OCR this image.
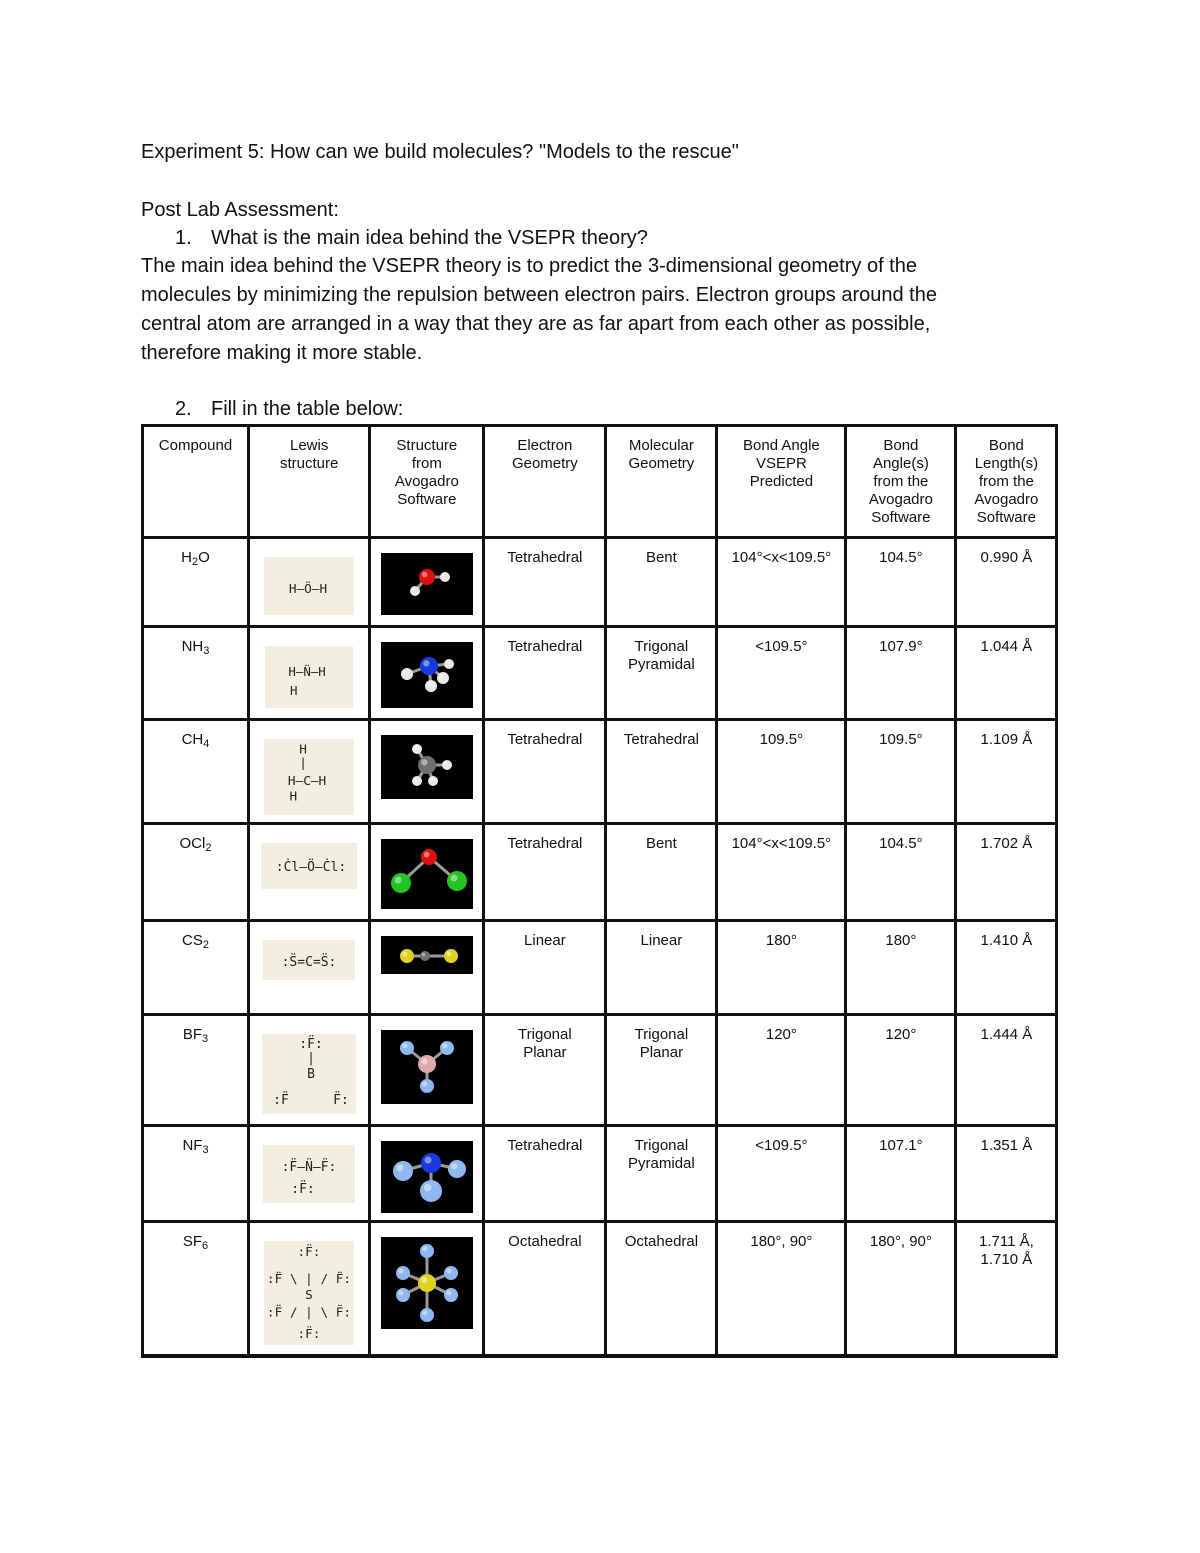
Experiment 5: How can we build molecules? "Models to the rescue"

Post Lab Assessment:
1. What is the main idea behind the VSEPR theory?
The main idea behind the VSEPR theory is to predict the 3-dimensional geometry of the
molecules by minimizing the repulsion between electron pairs. Electron groups around the
central atom are arranged in a way that they are as far apart from each other as possible,
therefore making it more stable.
2. Fill in the table below:
Compound	Lewis structure	Structure from Avogadro Software	Electron Geometry	Molecular Geometry	Bond Angle VSEPR Predicted	Bond Angle(s) from the Avogadro Software	Bond Length(s) from the Avogadro Software
$H_2O$	H—Ö—H		Tetrahedral	Bent	104°<x<109.5°	104.5°	0.990 Å
$NH_3$	H—N̈—H
H		Tetrahedral	Trigonal Pyramidal	<109.5°	107.9°	1.044 Å
$CH_4$	H
|
H—C—H
H		Tetrahedral	Tetrahedral	109.5°	109.5°	1.109 Å
OCl$_2$	:Ċl—Ö—Ċl:		Tetrahedral	Bent	104°<x<109.5°	104.5°	1.702 Å
$CS_2$	:S̈=C=S̈:		Linear	Linear	180°	180°	1.410 Å
$BF_3$	:F̈:
|
B
:F̈ F̈:		Trigonal Planar	Trigonal Planar	120°	120°	1.444 Å
$NF_3$	:F̈—N̈—F̈:
:F̈:		Tetrahedral	Trigonal Pyramidal	<109.5°	107.1°	1.351 Å
$SF_6$	:F̈:
:F̈ \ | / F̈:
S
:F̈ / | \ F̈:
:F̈:		Octahedral	Octahedral	180°, 90°	180°, 90°	1.711 Å, 1.710 Å
